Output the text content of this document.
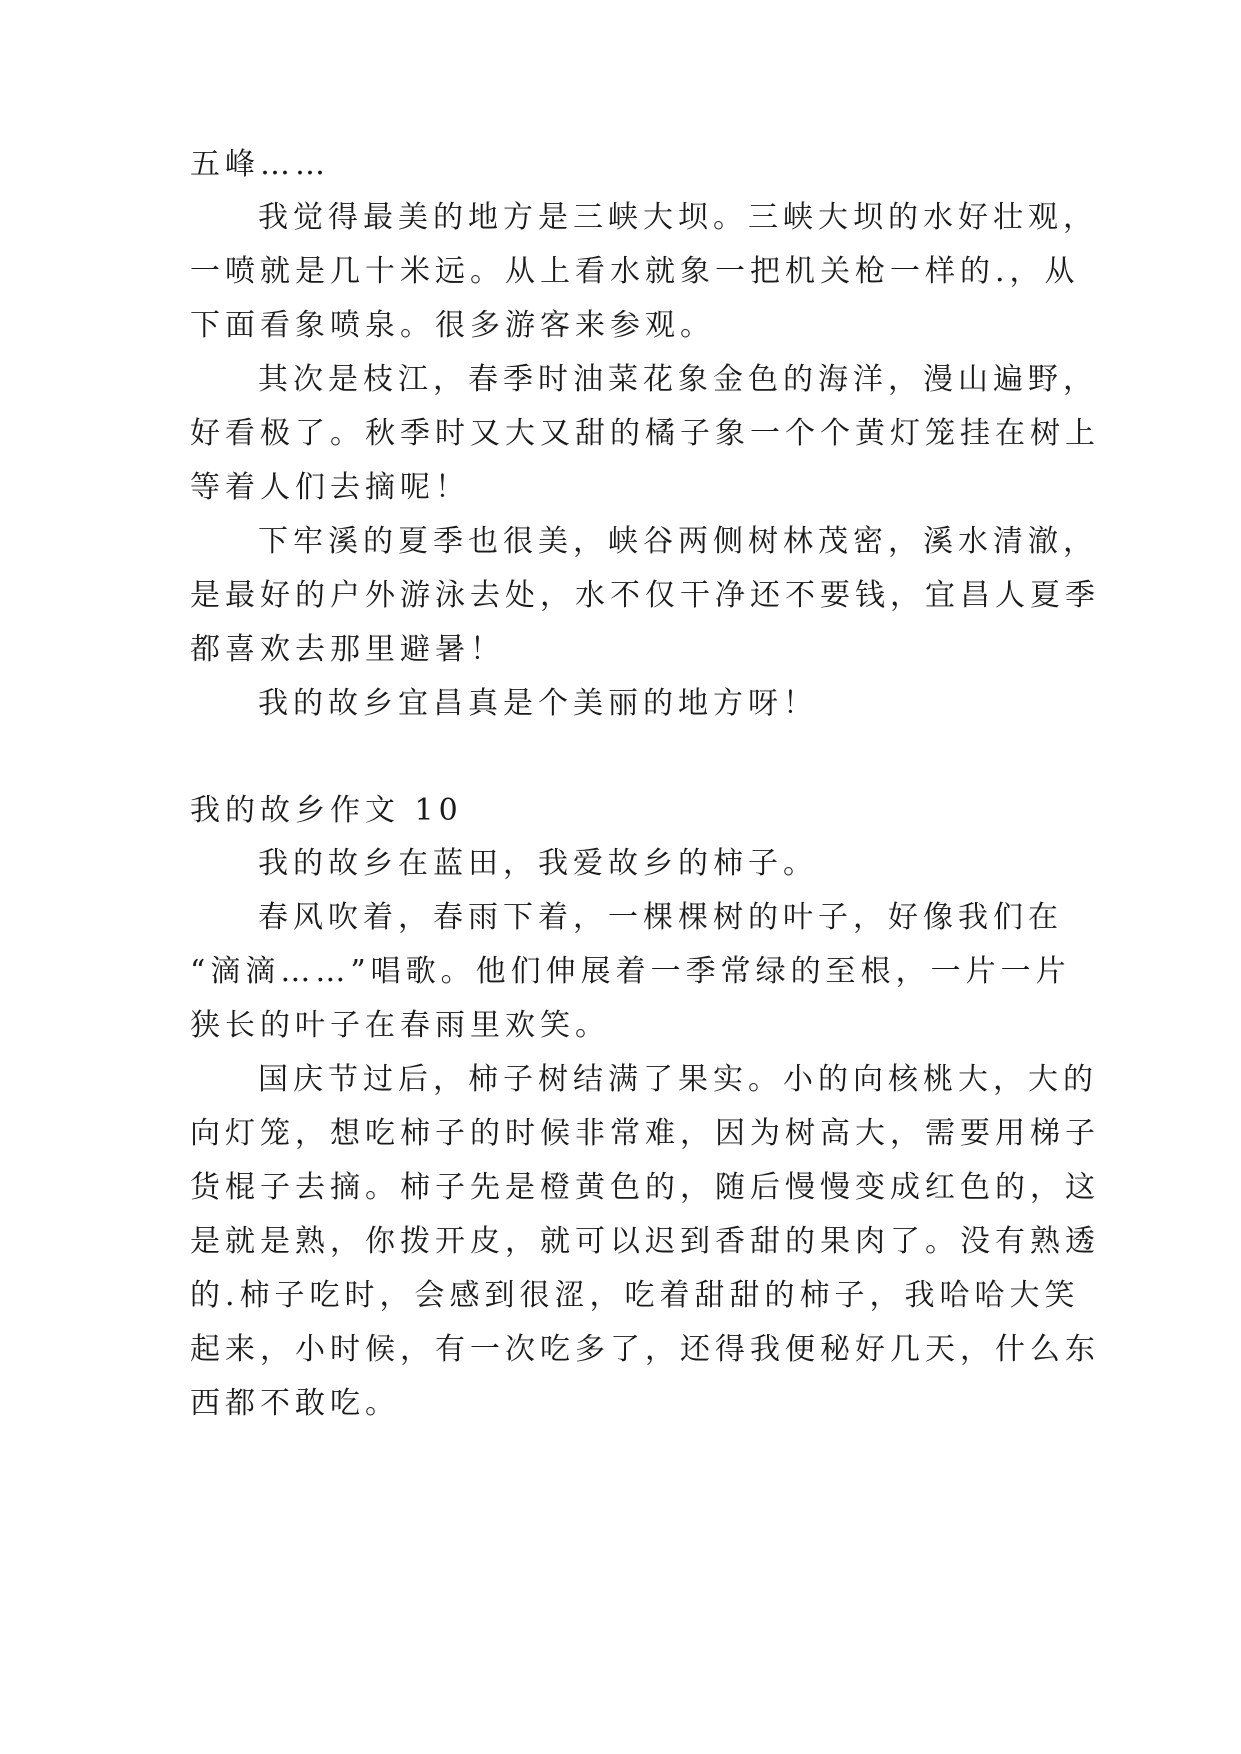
五峰……
我觉得最美的地方是三峡大坝。三峡大坝的水好壮观，
一喷就是几十米远。从上看水就象一把机关枪一样的.，从
下面看象喷泉。很多游客来参观。
其次是枝江，春季时油菜花象金色的海洋，漫山遍野，
好看极了。秋季时又大又甜的橘子象一个个黄灯笼挂在树上
等着人们去摘呢！
下牢溪的夏季也很美，峡谷两侧树林茂密，溪水清澈，
是最好的户外游泳去处，水不仅干净还不要钱，宜昌人夏季
都喜欢去那里避暑！
我的故乡宜昌真是个美丽的地方呀！
我的故乡作文 10
我的故乡在蓝田，我爱故乡的柿子。
春风吹着，春雨下着，一棵棵树的叶子，好像我们在
“滴滴……”唱歌。他们伸展着一季常绿的至根，一片一片
狭长的叶子在春雨里欢笑。
国庆节过后，柿子树结满了果实。小的向核桃大，大的
向灯笼，想吃柿子的时候非常难，因为树高大，需要用梯子
货棍子去摘。柿子先是橙黄色的，随后慢慢变成红色的，这
是就是熟，你拨开皮，就可以迟到香甜的果肉了。没有熟透
的.柿子吃时，会感到很涩，吃着甜甜的柿子，我哈哈大笑
起来，小时候，有一次吃多了，还得我便秘好几天，什么东
西都不敢吃。
